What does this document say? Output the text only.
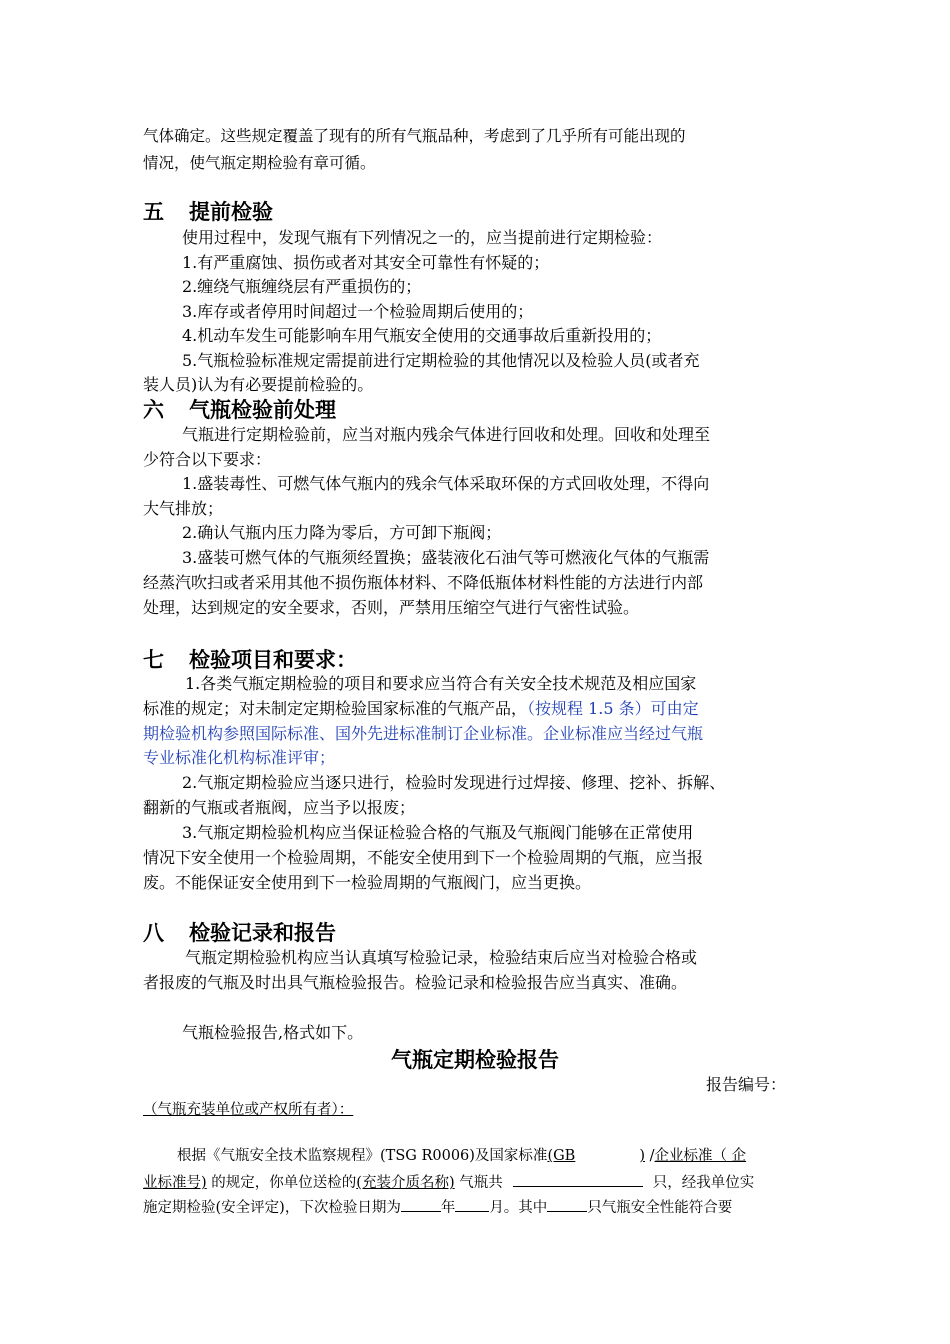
气体确定。这些规定覆盖了现有的所有气瓶品种，考虑到了几乎所有可能出现的
情况，使气瓶定期检验有章可循。
五 提前检验
使用过程中，发现气瓶有下列情况之一的，应当提前进行定期检验：
1.有严重腐蚀、损伤或者对其安全可靠性有怀疑的；
2.缠绕气瓶缠绕层有严重损伤的；
3.库存或者停用时间超过一个检验周期后使用的；
4.机动车发生可能影响车用气瓶安全使用的交通事故后重新投用的；
5.气瓶检验标准规定需提前进行定期检验的其他情况以及检验人员(或者充
装人员)认为有必要提前检验的。
六 气瓶检验前处理
气瓶进行定期检验前，应当对瓶内残余气体进行回收和处理。回收和处理至
少符合以下要求：
1.盛装毒性、可燃气体气瓶内的残余气体采取环保的方式回收处理，不得向
大气排放；
2.确认气瓶内压力降为零后，方可卸下瓶阀；
3.盛装可燃气体的气瓶须经置换；盛装液化石油气等可燃液化气体的气瓶需
经蒸汽吹扫或者采用其他不损伤瓶体材料、不降低瓶体材料性能的方法进行内部
处理，达到规定的安全要求，否则，严禁用压缩空气进行气密性试验。
七 检验项目和要求：
1.各类气瓶定期检验的项目和要求应当符合有关安全技术规范及相应国家
标准的规定；对未制定定期检验国家标准的气瓶产品，（按规程 1.5 条）可由定
期检验机构参照国际标准、国外先进标准制订企业标准。企业标准应当经过气瓶
专业标准化机构标准评审；
2.气瓶定期检验应当逐只进行，检验时发现进行过焊接、修理、挖补、拆解、
翻新的气瓶或者瓶阀，应当予以报废；
3.气瓶定期检验机构应当保证检验合格的气瓶及气瓶阀门能够在正常使用
情况下安全使用一个检验周期，不能安全使用到下一个检验周期的气瓶，应当报
废。不能保证安全使用到下一检验周期的气瓶阀门，应当更换。
八 检验记录和报告
气瓶定期检验机构应当认真填写检验记录，检验结束后应当对检验合格或
者报废的气瓶及时出具气瓶检验报告。检验记录和检验报告应当真实、准确。
气瓶检验报告,格式如下。
气瓶定期检验报告
报告编号：
（气瓶充装单位或产权所有者）：
根据《气瓶安全技术监察规程》(TSG R0006)及国家标准(GB	) /企业标准（ 企
业标准号) 的规定，你单位送检的(充装介质名称) 气瓶共	只，经我单位实
施定期检验(安全评定)，下次检验日期为	年 月。其中	只气瓶安全性能符合要
